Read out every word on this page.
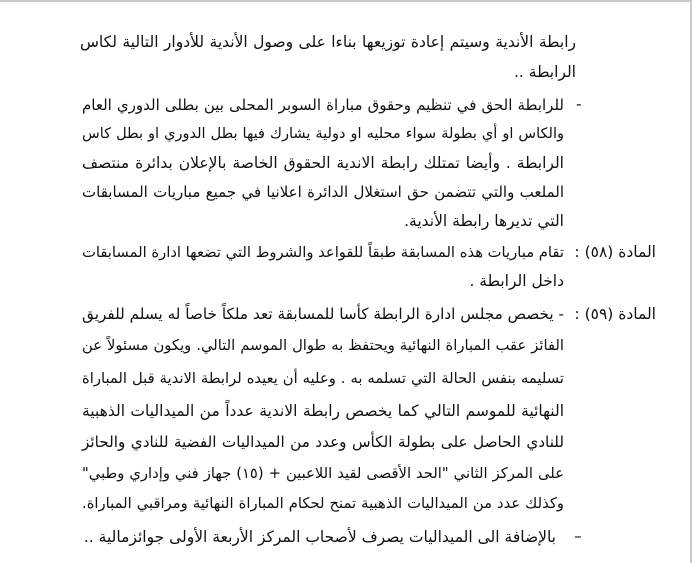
رابطة الأندية وسيتم إعادة توزيعها بناءا على وصول الأندية للأدوار التالية لكاس
الرابطة ..
-
للرابطة الحق في تنظيم وحقوق مباراة السوبر المحلى بين بطلى الدوري العام
والكاس او أي بطولة سواء محليه او دولية يشارك فيها بطل الدوري او بطل كاس
الرابطة . وأيضا تمتلك رابطة الاندية الحقوق الخاصة بالإعلان بدائرة منتصف
الملعب والتي تتضمن حق استغلال الدائرة اعلانيا في جميع مباريات المسابقات
التي تديرها رابطة الأندية.
المادة (٥٨) :
تقام مباريات هذه المسابقة طبقاً للقواعد والشروط التي تضعها ادارة المسابقات
داخل الرابطة .
المادة (٥٩) :
- يخصص مجلس ادارة الرابطة كأسا للمسابقة تعد ملكاً خاصاً له يسلم للفريق
الفائز عقب المباراة النهائية ويحتفظ به طوال الموسم التالي. ويكون مسئولاً عن
تسليمه بنفس الحالة التي تسلمه به . وعليه أن يعيده لرابطة الاندية قبل المباراة
النهائية للموسم التالي كما يخصص رابطة الاندية عدداً من الميداليات الذهبية
للنادي الحاصل على بطولة الكأس وعدد من الميداليات الفضية للنادي والحائز
على المركز الثاني "الحد الأقصى لقيد اللاعبين + (١٥) جهاز فني وإداري وطبي"
وكذلك عدد من الميداليات الذهبية تمنح لحكام المباراة النهائية ومراقبي المباراة.
–
بالإضافة الى الميداليات يصرف لأصحاب المركز الأربعة الأولى جوائزمالية ..
